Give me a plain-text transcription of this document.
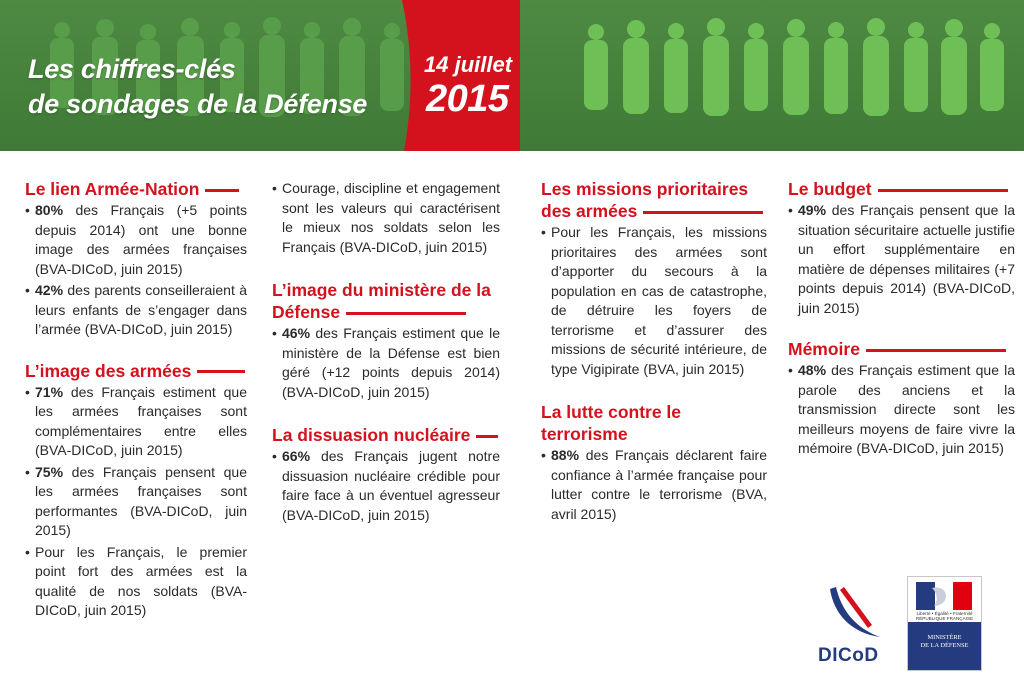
Les chiffres-clés
de sondages de la Défense
14 juillet
2015
Le lien Armée-Nation
• 80% des Français (+5 points depuis 2014) ont une bonne image des armées françaises (BVA-DICoD, juin 2015)
• 42% des parents conseilleraient à leurs enfants de s’engager dans l’armée (BVA-DICoD, juin 2015)
L’image des armées
• 71% des Français estiment que les armées françaises sont complémentaires entre elles (BVA-DICoD, juin 2015)
• 75% des Français pensent que les armées françaises sont performantes (BVA-DICoD, juin 2015)
• Pour les Français, le premier point fort des armées est la qualité de nos soldats (BVA-DICoD, juin 2015)
• Courage, discipline et engagement sont les valeurs qui caractérisent le mieux nos soldats selon les Français (BVA-DICoD, juin 2015)
L’image du ministère de la
Défense
• 46% des Français estiment que le ministère de la Défense est bien géré (+12 points depuis 2014) (BVA-DICoD, juin 2015)
La dissuasion nucléaire
• 66% des Français jugent notre dissuasion nucléaire crédible pour faire face à un éventuel agresseur (BVA-DICoD, juin 2015)
Les missions prioritaires
des armées
• Pour les Français, les missions prioritaires des armées sont d’apporter du secours à la population en cas de catastrophe, de détruire les foyers de terrorisme et d’assurer des missions de sécurité intérieure, de type Vigipirate (BVA, juin 2015)
La lutte contre le terrorisme
• 88% des Français déclarent faire confiance à l’armée française pour lutter contre le terrorisme (BVA, avril 2015)
Le budget
• 49% des Français pensent que la situation sécuritaire actuelle justifie un effort supplémentaire en matière de dépenses militaires (+7 points depuis 2014) (BVA-DICoD, juin 2015)
Mémoire
• 48% des Français estiment que la parole des anciens et la transmission directe sont les meilleurs moyens de faire vivre la mémoire (BVA-DICoD, juin 2015)
DICoD
Liberté • Égalité • Fraternité RÉPUBLIQUE FRANÇAISE
MINISTÈRE
DE LA DÉFENSE
